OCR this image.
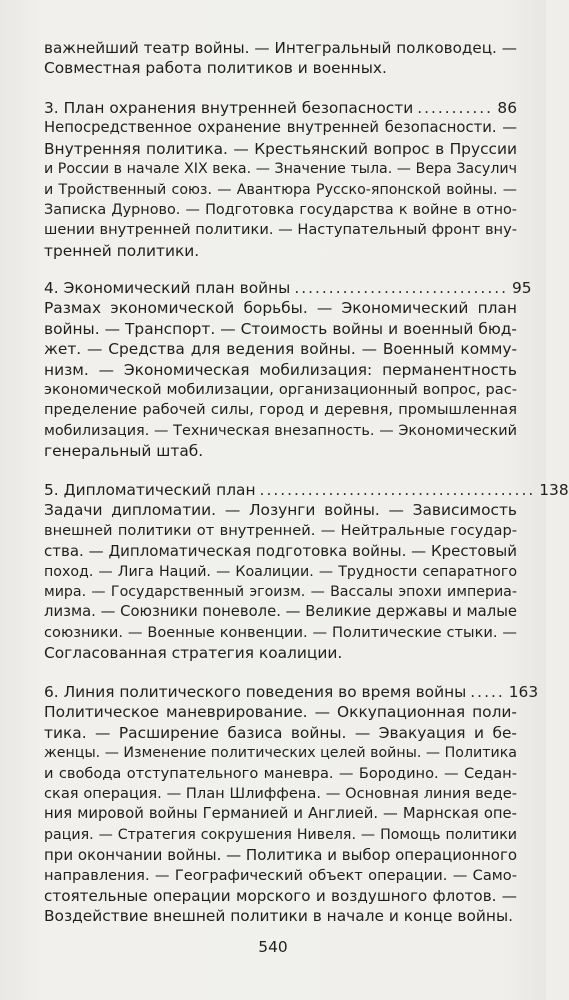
важнейший театр войны. — Интегральный полководец. —
Совместная работа политиков и военных.
3. План охранения внутренней безопасности ........... 86
Непосредственное охранение внутренней безопасности. —
Внутренняя политика. — Крестьянский вопрос в Пруссии
и России в начале XIX века. — Значение тыла. — Вера Засулич
и Тройственный союз. — Авантюра Русско-японской войны. —
Записка Дурново. — Подготовка государства к войне в отно-
шении внутренней политики. — Наступательный фронт вну-
тренней политики.
4. Экономический план войны ............................... 95
Размах экономической борьбы. — Экономический план
войны. — Транспорт. — Стоимость войны и военный бюд-
жет. — Средства для ведения войны. — Военный комму-
низм. — Экономическая мобилизация: перманентность
экономической мобилизации, организационный вопрос, рас-
пределение рабочей силы, город и деревня, промышленная
мобилизация. — Техническая внезапность. — Экономический
генеральный штаб.
5. Дипломатический план ........................................ 138
Задачи дипломатии. — Лозунги войны. — Зависимость
внешней политики от внутренней. — Нейтральные государ-
ства. — Дипломатическая подготовка войны. — Крестовый
поход. — Лига Наций. — Коалиции. — Трудности сепаратного
мира. — Государственный эгоизм. — Вассалы эпохи империа-
лизма. — Союзники поневоле. — Великие державы и малые
союзники. — Военные конвенции. — Политические стыки. —
Согласованная стратегия коалиции.
6. Линия политического поведения во время войны ..... 163
Политическое маневрирование. — Оккупационная поли-
тика. — Расширение базиса войны. — Эвакуация и бе-
женцы. — Изменение политических целей войны. — Политика
и свобода отступательного маневра. — Бородино. — Седан-
ская операция. — План Шлиффена. — Основная линия веде-
ния мировой войны Германией и Англией. — Марнская опе-
рация. — Стратегия сокрушения Нивеля. — Помощь политики
при окончании войны. — Политика и выбор операционного
направления. — Географический объект операции. — Само-
стоятельные операции морского и воздушного флотов. —
Воздействие внешней политики в начале и конце войны.
540
